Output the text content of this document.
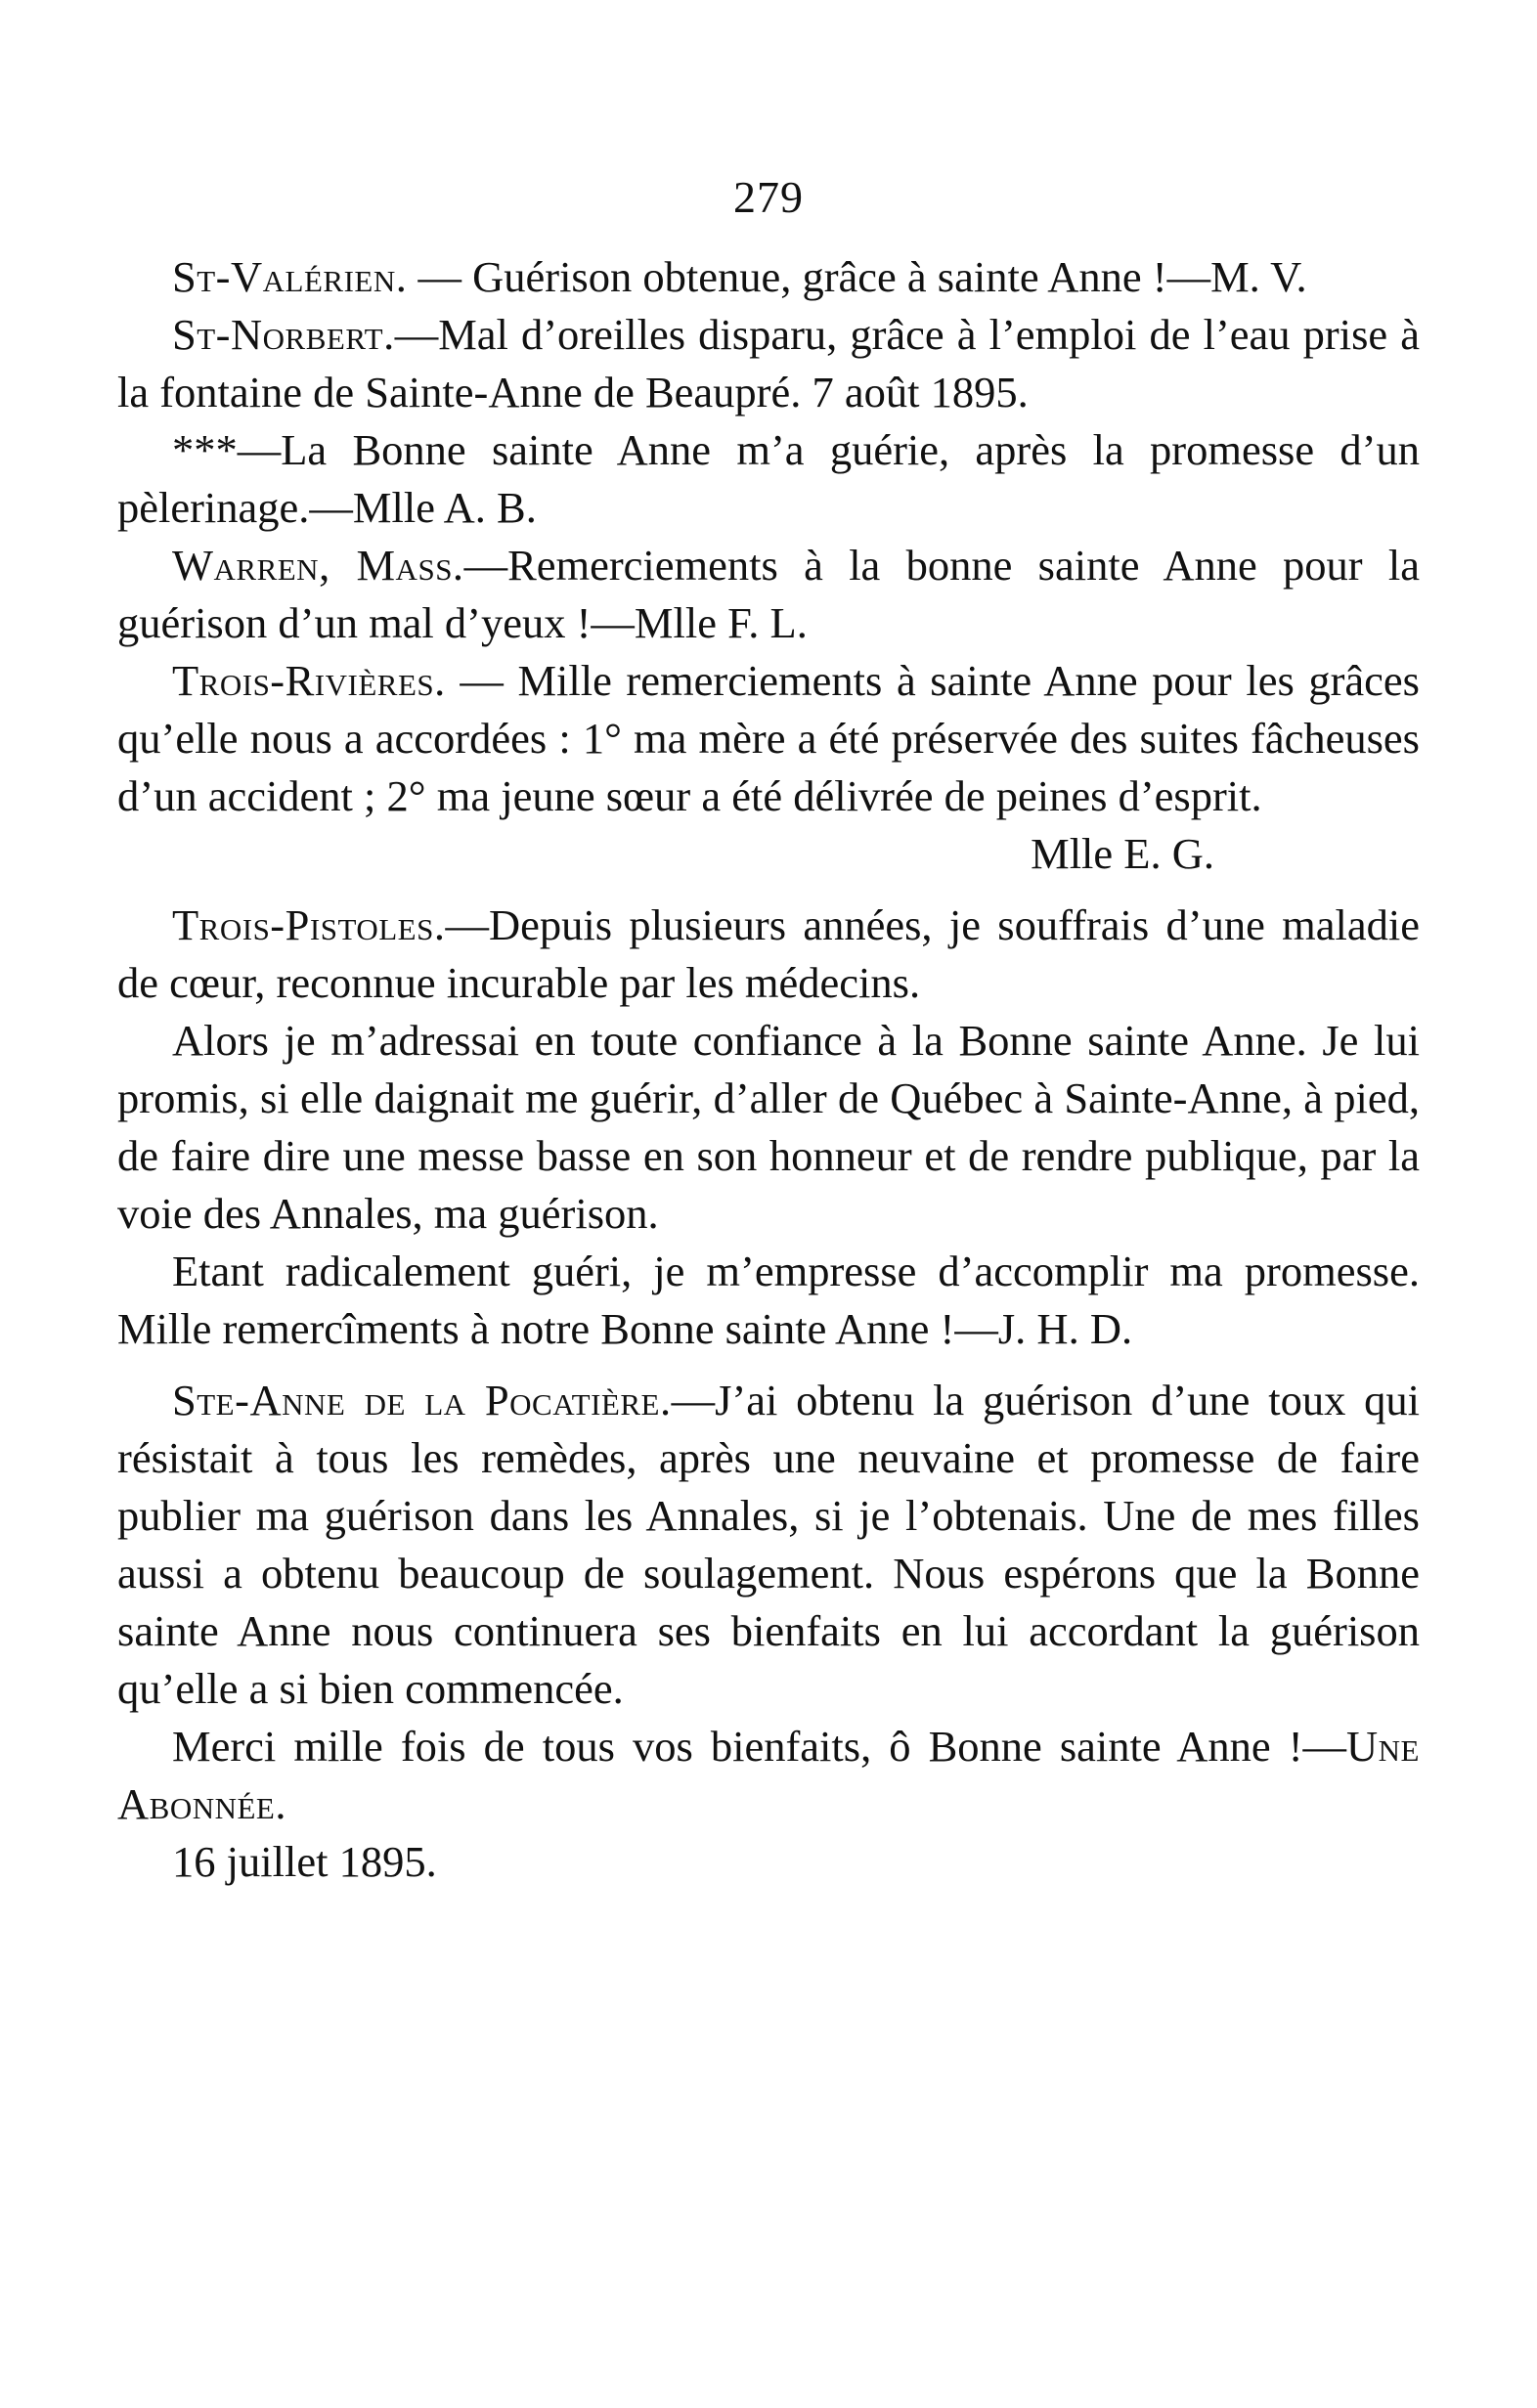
279

St-Valérien. — Guérison obtenue, grâce à sainte Anne !—M. V.

St-Norbert.—Mal d’oreilles disparu, grâce à l’emploi de l’eau prise à la fontaine de Sainte-Anne de Beaupré. 7 août 1895.

***—La Bonne sainte Anne m’a guérie, après la promesse d’un pèlerinage.—Mlle A. B.

Warren, Mass.—Remerciements à la bonne sainte Anne pour la guérison d’un mal d’yeux !—Mlle F. L.

Trois-Rivières. — Mille remerciements à sainte Anne pour les grâces qu’elle nous a accordées : 1° ma mère a été préservée des suites fâcheuses d’un accident ; 2° ma jeune sœur a été délivrée de peines d’esprit.

Mlle E. G.

Trois-Pistoles.—Depuis plusieurs années, je souffrais d’une maladie de cœur, reconnue incurable par les médecins.

Alors je m’adressai en toute confiance à la Bonne sainte Anne. Je lui promis, si elle daignait me guérir, d’aller de Québec à Sainte-Anne, à pied, de faire dire une messe basse en son honneur et de rendre publique, par la voie des Annales, ma guérison.

Etant radicalement guéri, je m’empresse d’accomplir ma promesse. Mille remercîments à notre Bonne sainte Anne !—J. H. D.

Ste-Anne de la Pocatière.—J’ai obtenu la guérison d’une toux qui résistait à tous les remèdes, après une neuvaine et promesse de faire publier ma guérison dans les Annales, si je l’obtenais. Une de mes filles aussi a obtenu beaucoup de soulagement. Nous espérons que la Bonne sainte Anne nous continuera ses bienfaits en lui accordant la guérison qu’elle a si bien commencée.

Merci mille fois de tous vos bienfaits, ô Bonne sainte Anne !—Une Abonnée.

16 juillet 1895.
